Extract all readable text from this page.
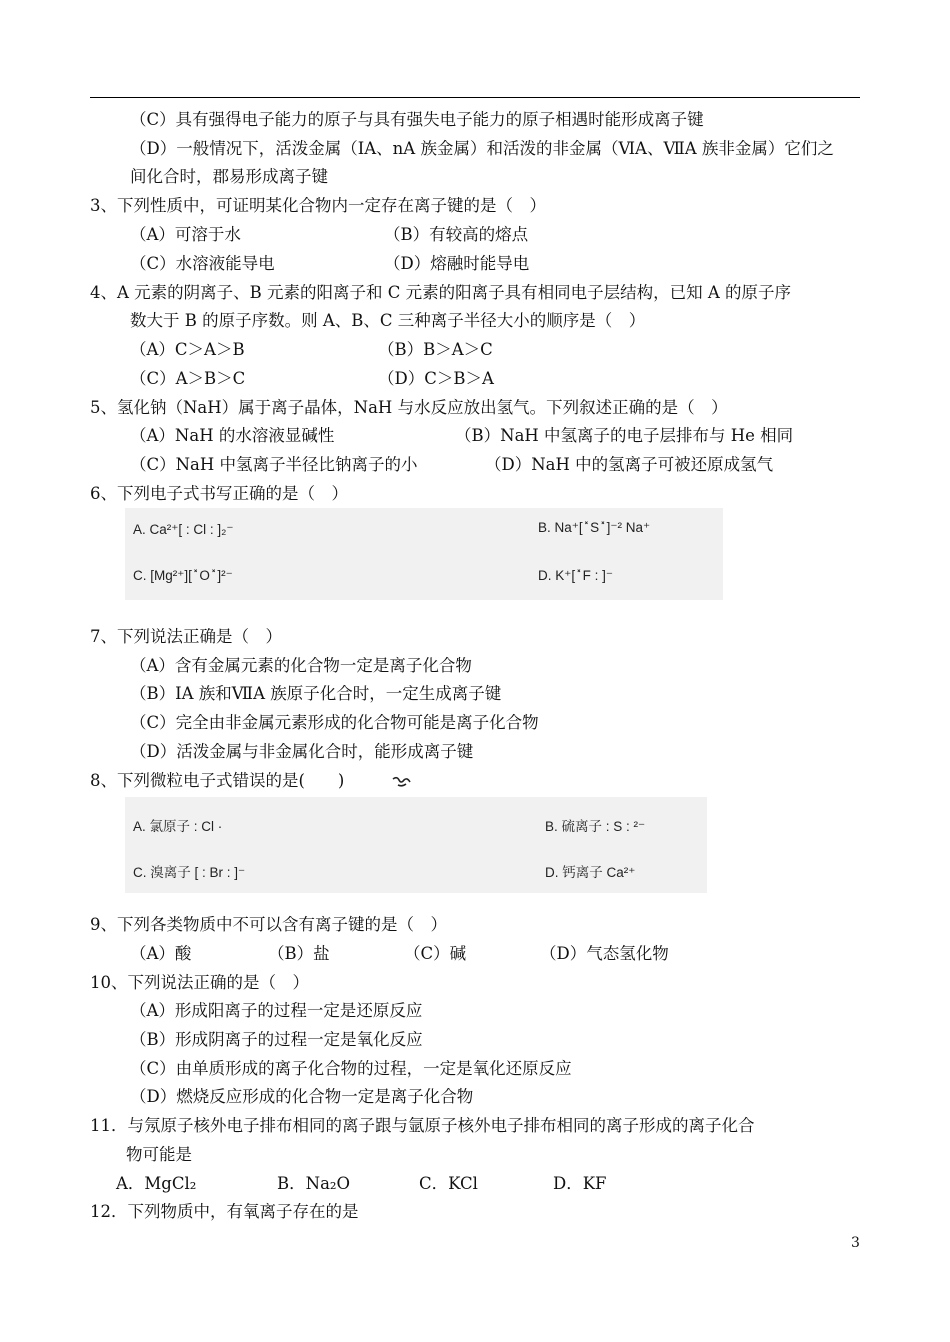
（C）具有强得电子能力的原子与具有强失电子能力的原子相遇时能形成离子键
（D）一般情况下，活泼金属（IA、nA 族金属）和活泼的非金属（ⅥA、ⅦA 族非金属）它们之
间化合时，郡易形成离子键
3、下列性质中，可证明某化合物内一定存在离子键的是（　）
（A）可溶于水	（B）有较高的熔点
（C）水溶液能导电	（D）熔融时能导电
4、A 元素的阴离子、B 元素的阳离子和 C 元素的阳离子具有相同电子层结构，已知 A 的原子序
数大于 B 的原子序数。则 A、B、C 三种离子半径大小的顺序是（　）
（A）C＞A＞B	（B）B＞A＞C
（C）A＞B＞C	（D）C＞B＞A
5、氢化钠（NaH）属于离子晶体，NaH 与水反应放出氢气。下列叙述正确的是（　）
（A）NaH 的水溶液显碱性	（B）NaH 中氢离子的电子层排布与 He 相同
（C）NaH 中氢离子半径比钠离子的小	（D）NaH 中的氢离子可被还原成氢气
6、下列电子式书写正确的是（　）
A. Ca²⁺[ : Cl : ]₂⁻	B. Na⁺[ ̽ S ̽ ]⁻² Na⁺
C. [Mg²⁺][ ̽ O ̽ ]²⁻	D. K⁺[ ̽ F : ]⁻
7、下列说法正确是（　）
（A）含有金属元素的化合物一定是离子化合物
（B）ⅠA 族和ⅦA 族原子化合时，一定生成离子键
（C）完全由非金属元素形成的化合物可能是离子化合物
（D）活泼金属与非金属化合时，能形成离子键
8、下列微粒电子式错误的是(　　)
A. 氯原子 : Cl ·	B. 硫离子 : S : ²⁻
C. 溴离子 [ : Br : ]⁻	D. 钙离子 Ca²⁺
9、下列各类物质中不可以含有离子键的是（　）
（A）酸	（B）盐	（C）碱	（D）气态氢化物
10、下列说法正确的是（　）
（A）形成阳离子的过程一定是还原反应
（B）形成阴离子的过程一定是氧化反应
（C）由单质形成的离子化合物的过程，一定是氧化还原反应
（D）燃烧反应形成的化合物一定是离子化合物
11．与氖原子核外电子排布相同的离子跟与氩原子核外电子排布相同的离子形成的离子化合
物可能是
A．MgCl₂	B．Na₂O	C．KCl	D．KF
12．下列物质中，有氧离子存在的是
3
